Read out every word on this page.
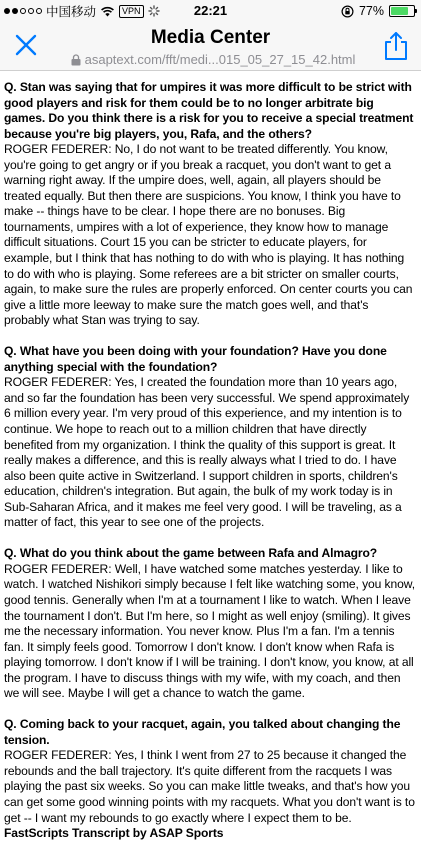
中国移动	VPN	22:21	77%
Media Center
asaptext.com/fft/medi...015_05_27_15_42.html
Q. Stan was saying that for umpires it was more difficult to be strict with good players and risk for them could be to no longer arbitrate big games. Do you think there is a risk for you to receive a special treatment because you're big players, you, Rafa, and the others?
ROGER FEDERER: No, I do not want to be treated differently. You know, you're going to get angry or if you break a racquet, you don't want to get a warning right away. If the umpire does, well, again, all players should be treated equally. But then there are suspicions. You know, I think you have to make -- things have to be clear. I hope there are no bonuses. Big tournaments, umpires with a lot of experience, they know how to manage difficult situations. Court 15 you can be stricter to educate players, for example, but I think that has nothing to do with who is playing. It has nothing to do with who is playing. Some referees are a bit stricter on smaller courts, again, to make sure the rules are properly enforced. On center courts you can give a little more leeway to make sure the match goes well, and that's probably what Stan was trying to say.
Q. What have you been doing with your foundation? Have you done anything special with the foundation?
ROGER FEDERER: Yes, I created the foundation more than 10 years ago, and so far the foundation has been very successful. We spend approximately 6 million every year. I'm very proud of this experience, and my intention is to continue. We hope to reach out to a million children that have directly benefited from my organization. I think the quality of this support is great. It really makes a difference, and this is really always what I tried to do. I have also been quite active in Switzerland. I support children in sports, children's education, children's integration. But again, the bulk of my work today is in Sub-Saharan Africa, and it makes me feel very good. I will be traveling, as a matter of fact, this year to see one of the projects.
Q. What do you think about the game between Rafa and Almagro?
ROGER FEDERER: Well, I have watched some matches yesterday. I like to watch. I watched Nishikori simply because I felt like watching some, you know, good tennis. Generally when I'm at a tournament I like to watch. When I leave the tournament I don't. But I'm here, so I might as well enjoy (smiling). It gives me the necessary information. You never know. Plus I'm a fan. I'm a tennis fan. It simply feels good. Tomorrow I don't know. I don't know when Rafa is playing tomorrow. I don't know if I will be training. I don't know, you know, at all the program. I have to discuss things with my wife, with my coach, and then we will see. Maybe I will get a chance to watch the game.
Q. Coming back to your racquet, again, you talked about changing the tension.
ROGER FEDERER: Yes, I think I went from 27 to 25 because it changed the rebounds and the ball trajectory. It's quite different from the racquets I was playing the past six weeks. So you can make little tweaks, and that's how you can get some good winning points with my racquets. What you don't want is to get -- I want my rebounds to go exactly where I expect them to be.
FastScripts Transcript by ASAP Sports
